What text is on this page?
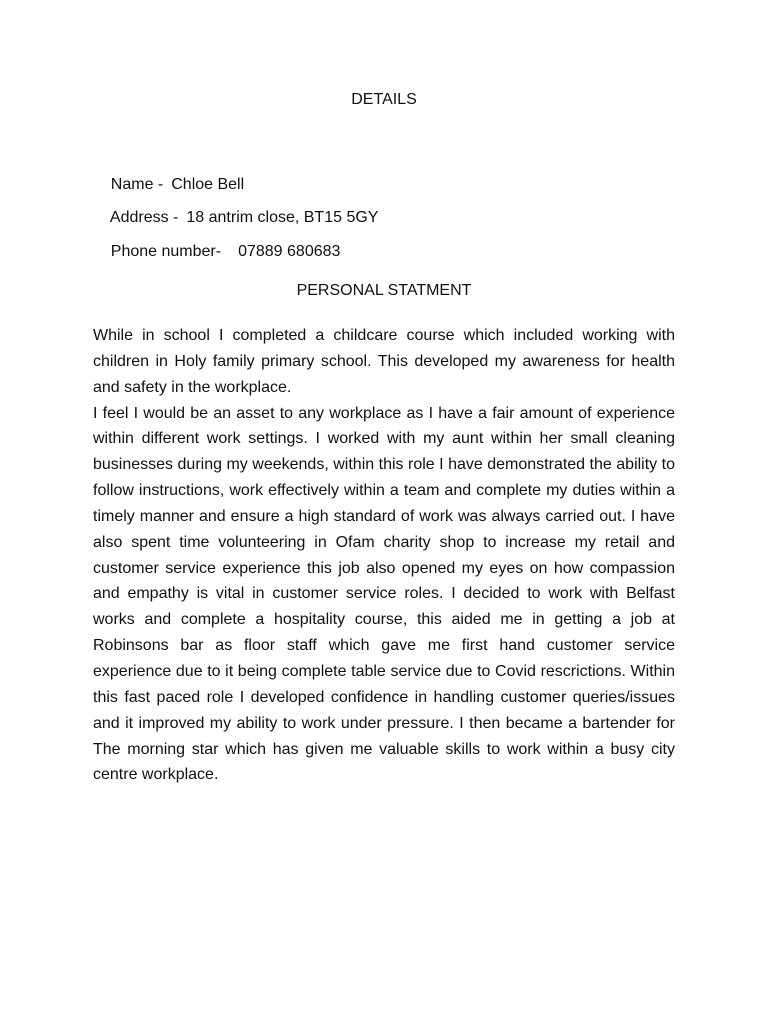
DETAILS

Name - Chloe Bell

Address - 18 antrim close, BT15 5GY

Phone number- 07889 680683

PERSONAL STATMENT

While in school I completed a childcare course which included working with children in Holy family primary school. This developed my awareness for health and safety in the workplace.

I feel I would be an asset to any workplace as I have a fair amount of experience within different work settings. I worked with my aunt within her small cleaning businesses during my weekends, within this role I have demonstrated the ability to follow instructions, work effectively within a team and complete my duties within a timely manner and ensure a high standard of work was always carried out. I have also spent time volunteering in Ofam charity shop to increase my retail and customer service experience this job also opened my eyes on how compassion and empathy is vital in customer service roles. I decided to work with Belfast works and complete a hospitality course, this aided me in getting a job at Robinsons bar as floor staff which gave me first hand customer service experience due to it being complete table service due to Covid rescrictions. Within this fast paced role I developed confidence in handling customer queries/issues and it improved my ability to work under pressure. I then became a bartender for The morning star which has given me valuable skills to work within a busy city centre workplace.
